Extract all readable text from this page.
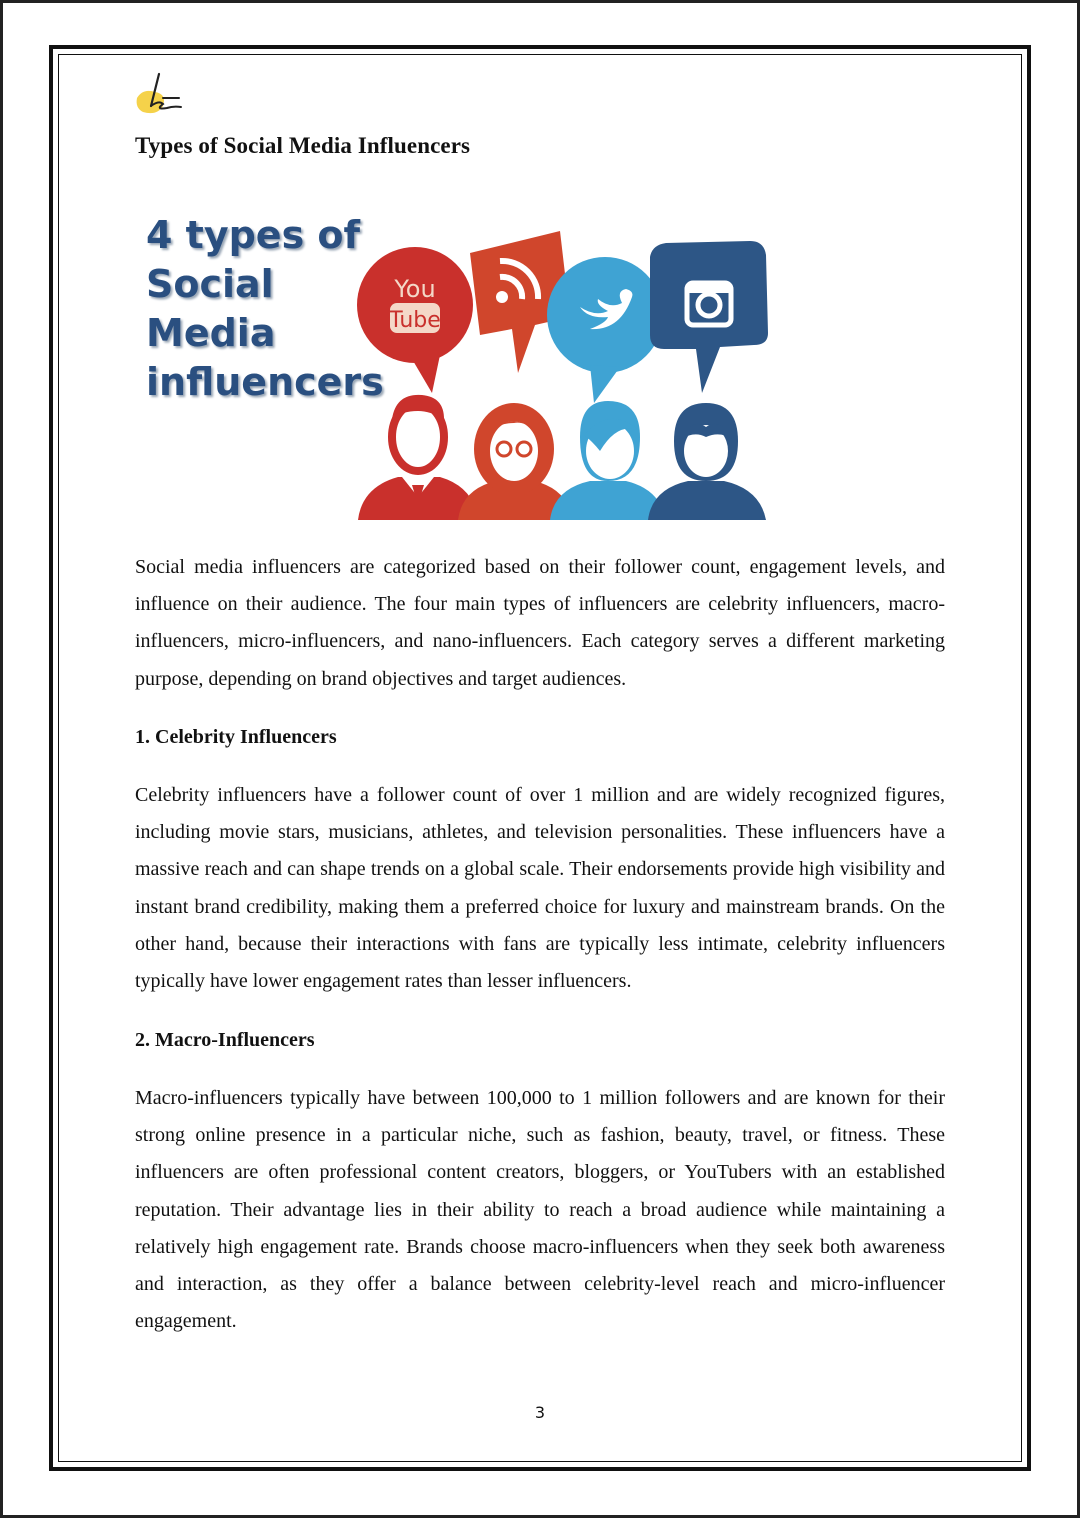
Types of Social Media Influencers
You
Tube
4 types of
Social
Media
influencers

Social media influencers are categorized based on their follower count, engagement levels, and influence on their audience. The four main types of influencers are celebrity influencers, macro-influencers, micro-influencers, and nano-influencers. Each category serves a different marketing purpose, depending on brand objectives and target audiences.

1. Celebrity Influencers

Celebrity influencers have a follower count of over 1 million and are widely recognized figures, including movie stars, musicians, athletes, and television personalities. These influencers have a massive reach and can shape trends on a global scale. Their endorsements provide high visibility and instant brand credibility, making them a preferred choice for luxury and mainstream brands. On the other hand, because their interactions with fans are typically less intimate, celebrity influencers typically have lower engagement rates than lesser influencers.

2. Macro-Influencers

Macro-influencers typically have between 100,000 to 1 million followers and are known for their strong online presence in a particular niche, such as fashion, beauty, travel, or fitness. These influencers are often professional content creators, bloggers, or YouTubers with an established reputation. Their advantage lies in their ability to reach a broad audience while maintaining a relatively high engagement rate. Brands choose macro-influencers when they seek both awareness and interaction, as they offer a balance between celebrity-level reach and micro-influencer engagement.

3
